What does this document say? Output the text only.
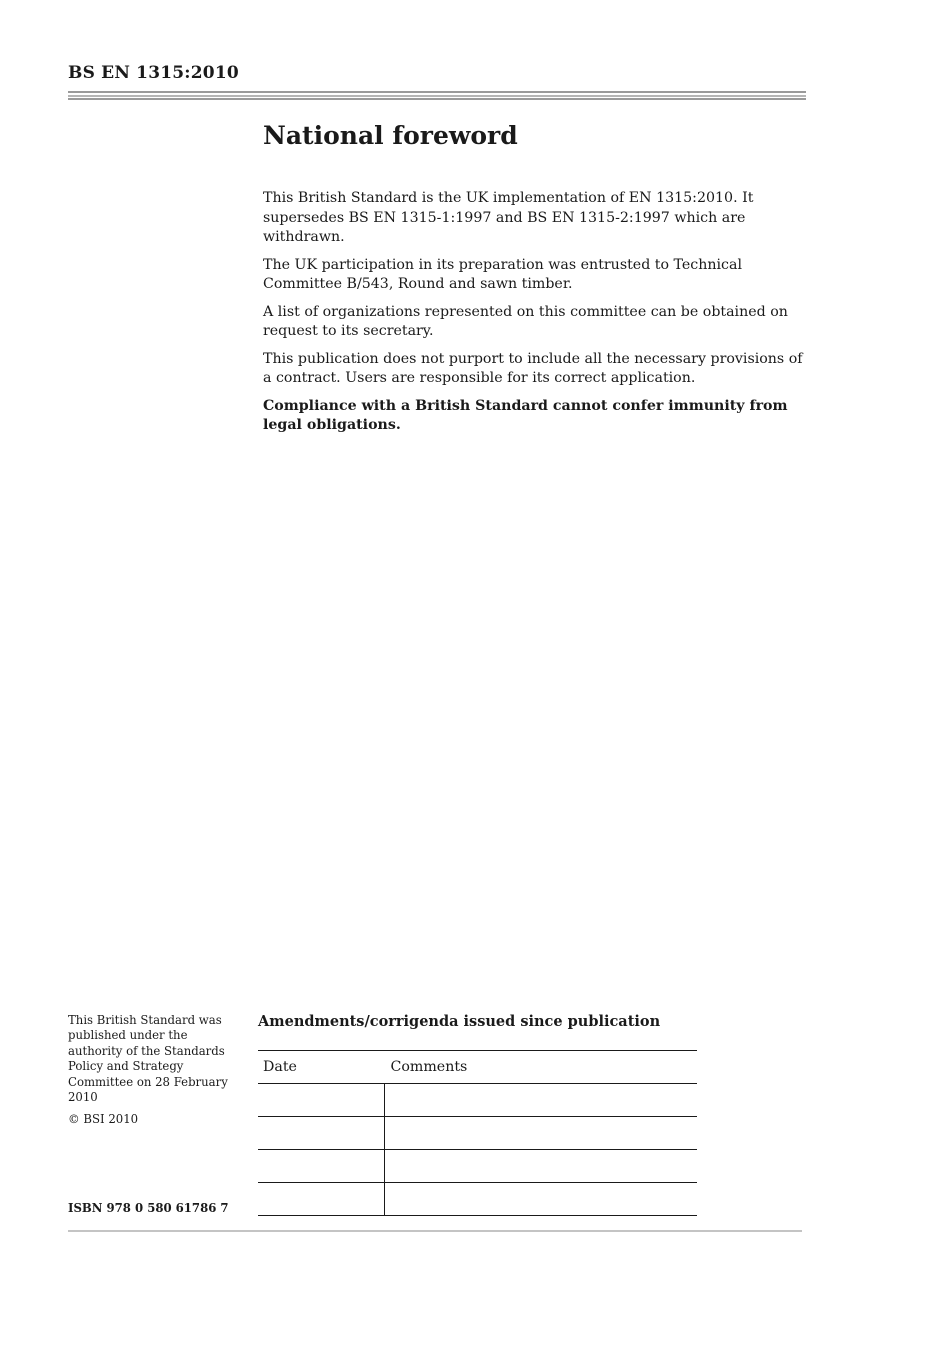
BS EN 1315:2010
National foreword

This British Standard is the UK implementation of EN 1315:2010. It supersedes BS EN 1315-1:1997 and BS EN 1315-2:1997 which are withdrawn.

The UK participation in its preparation was entrusted to Technical Committee B/543, Round and sawn timber.

A list of organizations represented on this committee can be obtained on request to its secretary.

This publication does not purport to include all the necessary provisions of a contract. Users are responsible for its correct application.

Compliance with a British Standard cannot confer immunity from legal obligations.

This British Standard was published under the authority of the Standards Policy and Strategy Committee on 28 February 2010

© BSI 2010

ISBN 978 0 580 61786 7
Amendments/corrigenda issued since publication
Date	Comments
